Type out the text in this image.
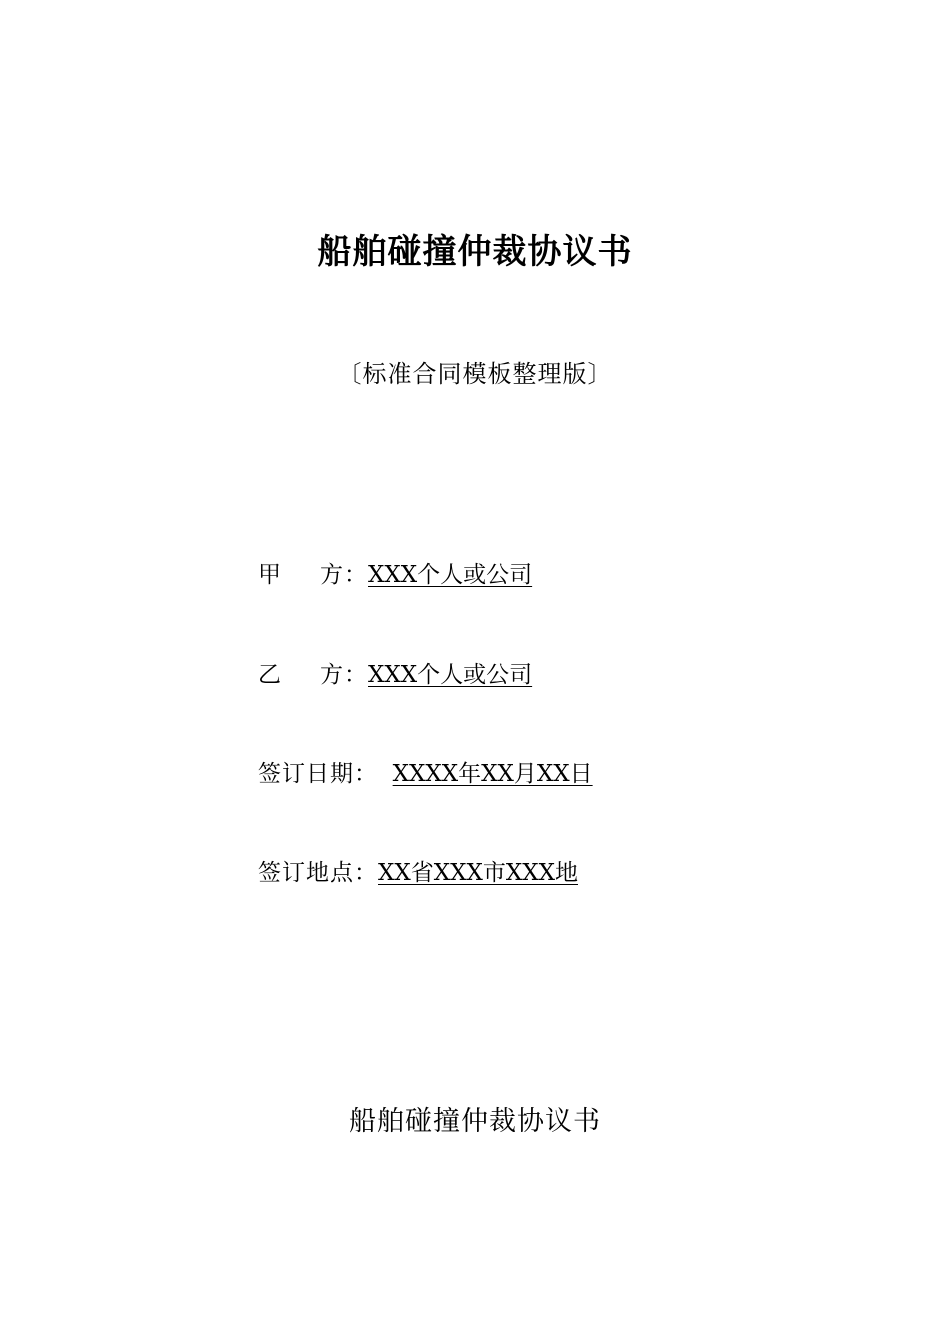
船舶碰撞仲裁协议书
〔标准合同模板整理版〕
甲 方： XXX个人或公司
乙 方： XXX个人或公司
签订日期： XXXX年XX月XX日
签订地点： XX省XXX市XXX地
船舶碰撞仲裁协议书
